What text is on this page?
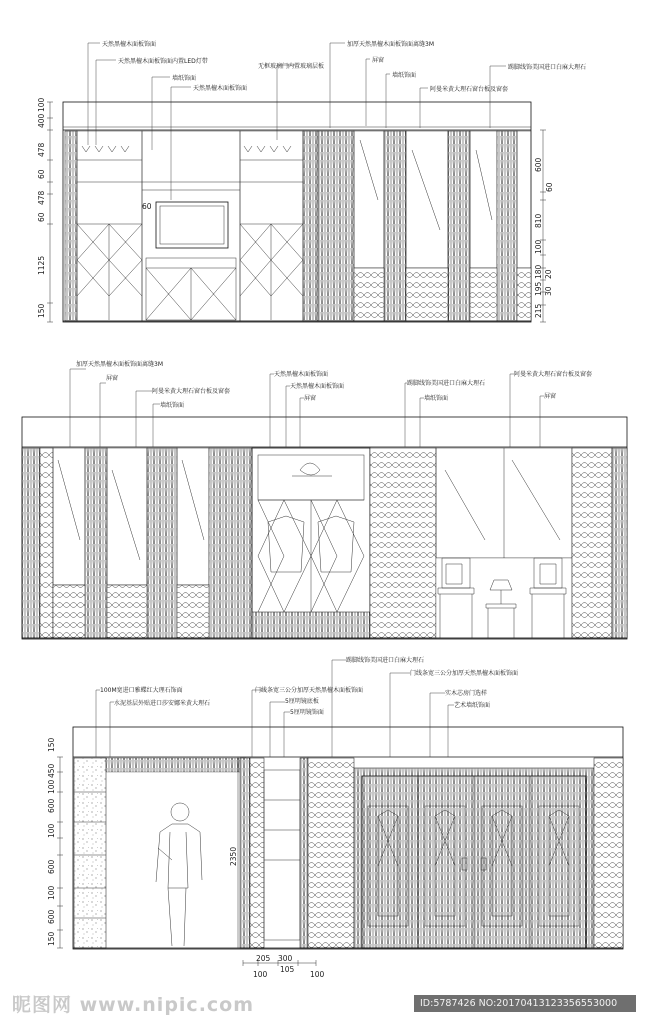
天然黑檀木面板饰面
天然黑檀木面板饰面内置LED灯带
墙纸饰面
天然黑檀木面板饰面
无框玻璃门内置玻璃层板
加厚天然黑檀木面板饰面离缝3M
屏窗
墙纸饰面
阿曼米黄大理石窗台板及窗套
踢脚线饰美国进口白麻大理石
60
100
400
478
60
478
60
1125
150
600
60
810
100
180
195
20
30
215
加厚天然黑檀木面板饰面离缝3M
屏窗
阿曼米黄大理石窗台板及窗套
墙纸饰面
天然黑檀木面板饰面
天然黑檀木面板饰面
屏窗
踢脚线饰美国进口白麻大理石
墙纸饰面
阿曼米黄大理石窗台板及窗套
屏窗
100M宽进口雅蝶红大理石饰面
水泥基层外贴进口莎安娜米黄大理石
门线条宽三公分加厚天然黑檀木面板饰面
5厘明镜底板
5厘明镜饰面
踢脚线饰美国进口白麻大理石
门线条宽三公分加厚天然黑檀木面板饰面
实木芯房门选样
艺术墙纸饰面
150
450
100
600
100
600
100
600
150
2350
205 300
100
105
100
昵图网 www.nipic.com	ID:5787426 NO:20170413123356553000
